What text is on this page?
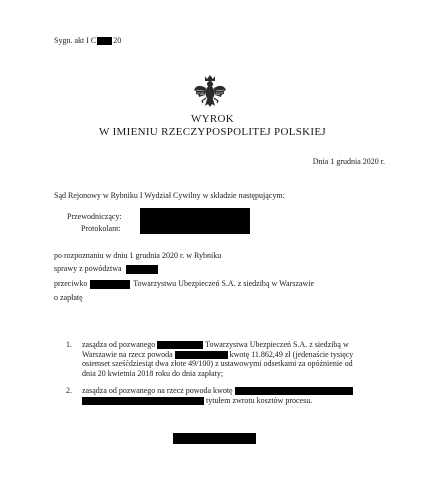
Sygn. akt I C 20
WYROK
W IMIENIU RZECZYPOSPOLITEJ POLSKIEJ
Dnia 1 grudnia 2020 r.
Sąd Rejonowy w Rybniku I Wydział Cywilny w składzie następującym:
Przewodniczący:
Protokolant:
po rozpoznaniu w dniu 1 grudnia 2020 r. w Rybniku
sprawy z powództwa
przeciwko	Towarzystwu Ubezpieczeń S.A. z siedzibą w Warszawie
o zapłatę
1. zasądza od pozwanego	Towarzystwa Ubezpieczeń S.A. z siedzibą w
Warszawie na rzecz powoda	kwotę 11.862,49 zł (jedenaście tysięcy
osiemset sześćdziesiąt dwa złote 49/100) z ustawowymi odsetkami za opóźnienie od
dnia 20 kwietnia 2018 roku do dnia zapłaty;
2. zasądza od pozwanego na rzecz powoda kwotę
tytułem zwrotu kosztów procesu.
